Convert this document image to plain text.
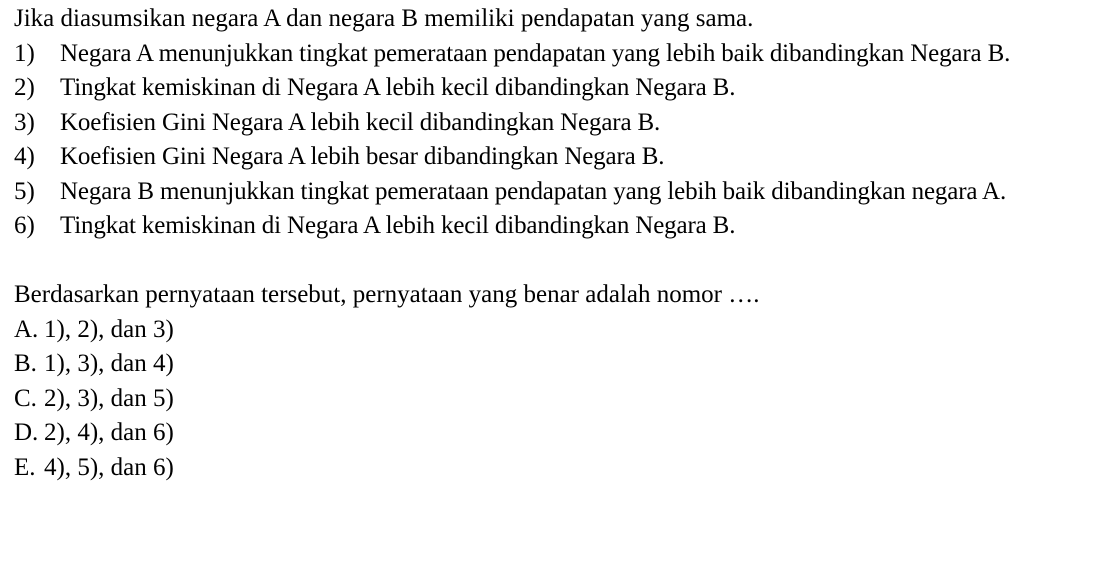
Jika diasumsikan negara A dan negara B memiliki pendapatan yang sama.

1)	Negara A menunjukkan tingkat pemerataan pendapatan yang lebih baik dibandingkan Negara B.
2)	Tingkat kemiskinan di Negara A lebih kecil dibandingkan Negara B.
3)	Koefisien Gini Negara A lebih kecil dibandingkan Negara B.
4)	Koefisien Gini Negara A lebih besar dibandingkan Negara B.
5)	Negara B menunjukkan tingkat pemerataan pendapatan yang lebih baik dibandingkan negara A.
6)	Tingkat kemiskinan di Negara A lebih kecil dibandingkan Negara B.

Berdasarkan pernyataan tersebut, pernyataan yang benar adalah nomor ….

A. 1), 2), dan 3)
B. 1), 3), dan 4)
C. 2), 3), dan 5)
D. 2), 4), dan 6)
E. 4), 5), dan 6)
